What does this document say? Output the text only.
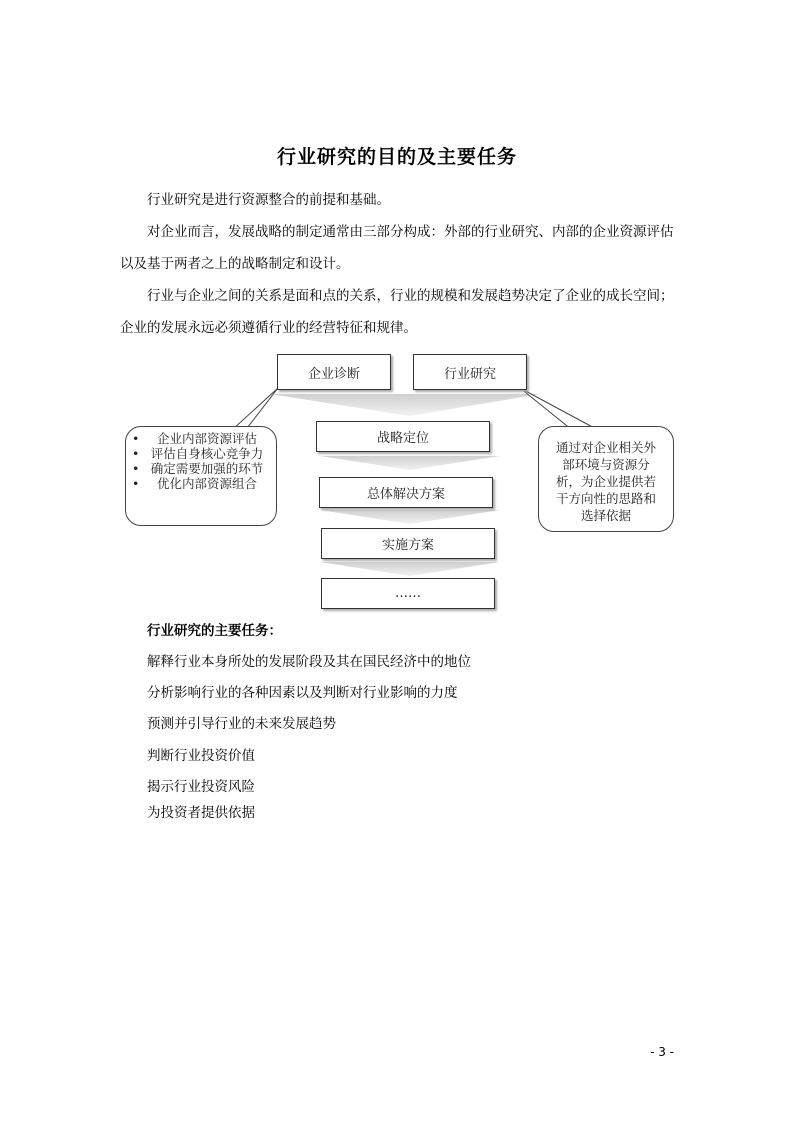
行业研究的目的及主要任务

行业研究是进行资源整合的前提和基础。

对企业而言，发展战略的制定通常由三部分构成：外部的行业研究、内部的企业资源评估以及基于两者之上的战略制定和设计。

行业与企业之间的关系是面和点的关系，行业的规模和发展趋势决定了企业的成长空间；企业的发展永远必须遵循行业的经营特征和规律。

企业诊断	行业研究
战略定位
总体解决方案
实施方案
……
• 企业内部资源评估
• 评估自身核心竞争力
• 确定需要加强的环节
• 优化内部资源组合
通过对企业相关外部环境与资源分析，为企业提供若干方向性的思路和选择依据
行业研究的主要任务：
解释行业本身所处的发展阶段及其在国民经济中的地位
分析影响行业的各种因素以及判断对行业影响的力度
预测并引导行业的未来发展趋势
判断行业投资价值
揭示行业投资风险
为投资者提供依据
- 3 -
